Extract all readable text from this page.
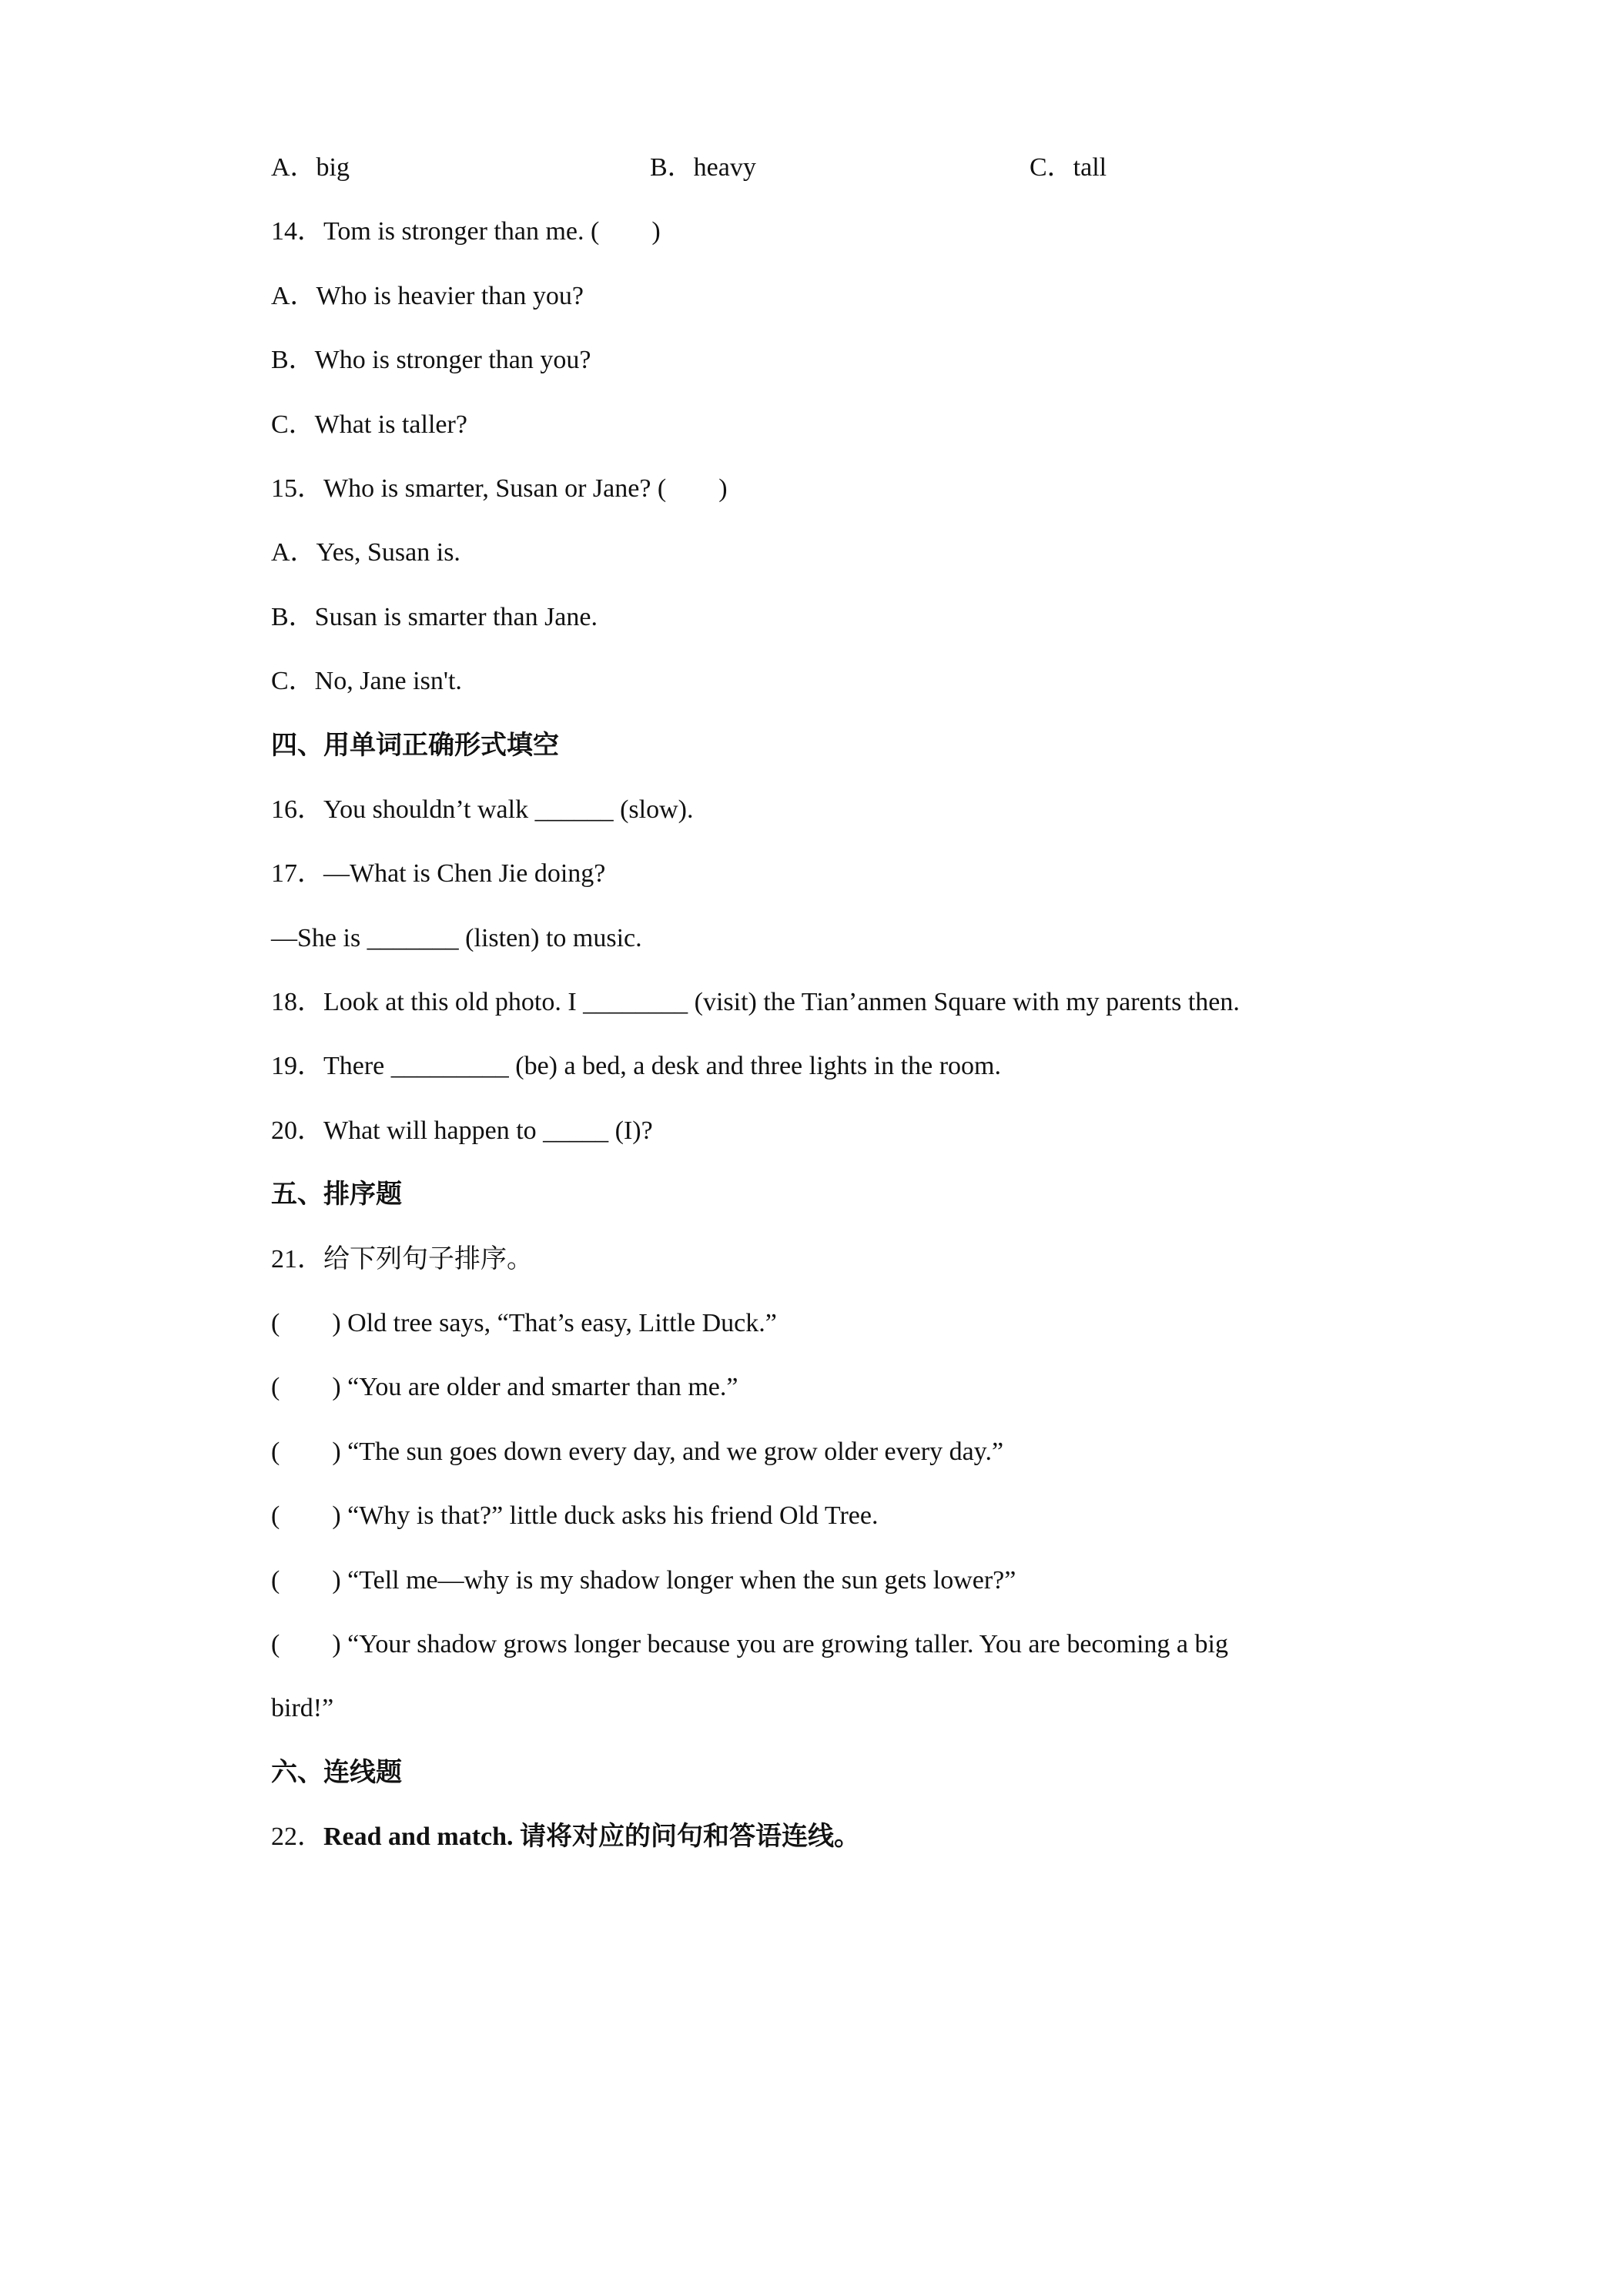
A．big	B．heavy	C．tall
14．Tom is stronger than me. (　　)
A．Who is heavier than you?
B．Who is stronger than you?
C．What is taller?
15．Who is smarter, Susan or Jane? (　　)
A．Yes, Susan is.
B．Susan is smarter than Jane.
C．No, Jane isn't.
四、用单词正确形式填空
16．You shouldn’t walk ______ (slow).
17．—What is Chen Jie doing?
—She is _______ (listen) to music.
18．Look at this old photo. I ________ (visit) the Tian’anmen Square with my parents then.
19．There _________ (be) a bed, a desk and three lights in the room.
20．What will happen to _____ (I)?
五、排序题
21．给下列句子排序。
(　　) Old tree says, “That’s easy, Little Duck.”
(　　) “You are older and smarter than me.”
(　　) “The sun goes down every day, and we grow older every day.”
(　　) “Why is that?” little duck asks his friend Old Tree.
(　　) “Tell me—why is my shadow longer when the sun gets lower?”
(　　) “Your shadow grows longer because you are growing taller. You are becoming a big
bird!”
六、连线题
22．Read and match. 请将对应的问句和答语连线。
